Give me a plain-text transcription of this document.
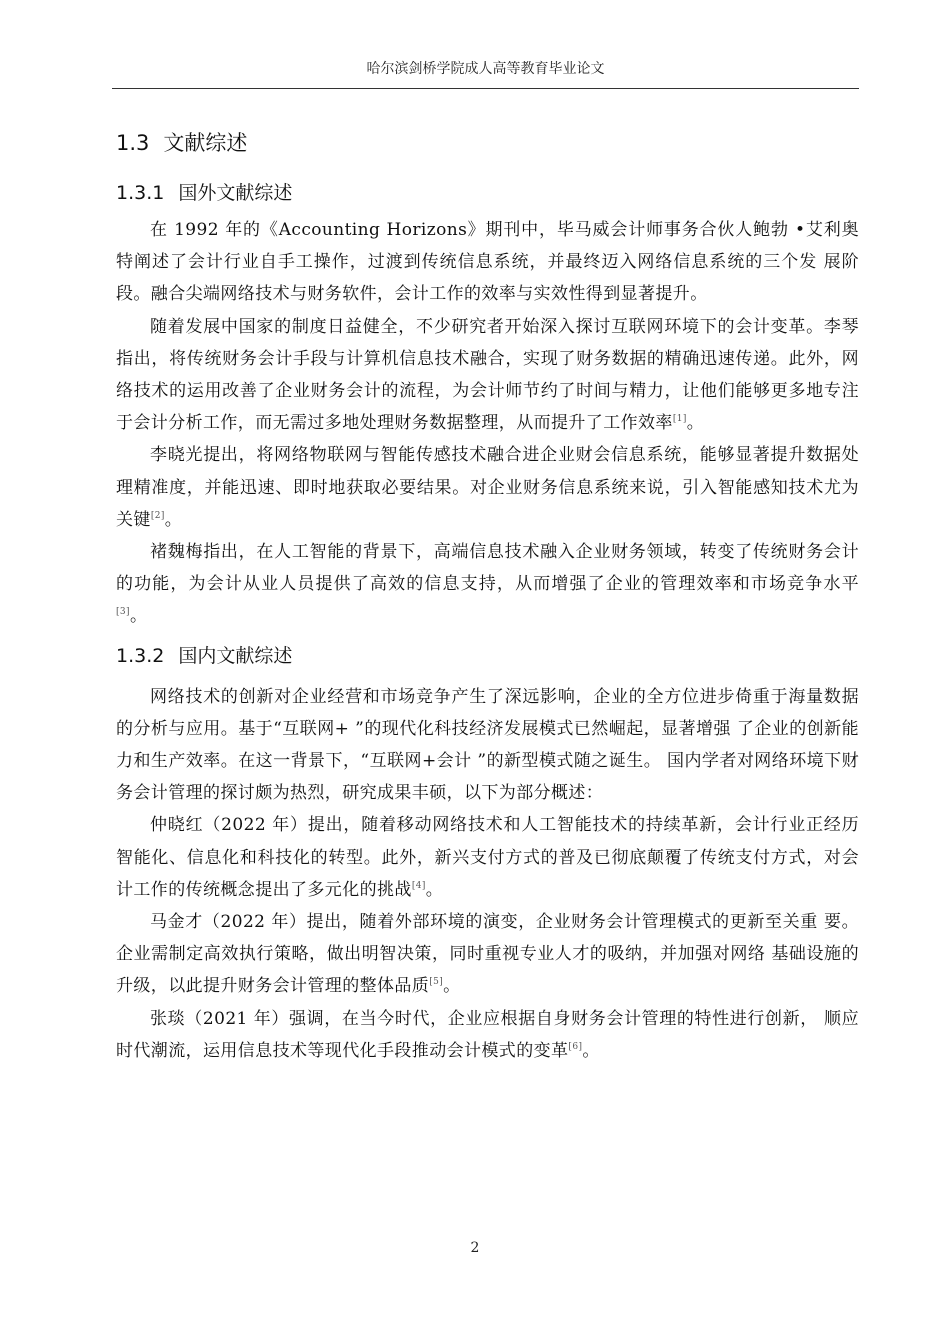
哈尔滨剑桥学院成人高等教育毕业论文
1.3 文献综述
1.3.1 国外文献综述

在 1992 年的《Accounting Horizons》期刊中，毕马威会计师事务合伙人鲍勃 •艾利奥 特阐述了会计行业自手工操作，过渡到传统信息系统，并最终迈入网络信息系统的三个发 展阶段。融合尖端网络技术与财务软件，会计工作的效率与实效性得到显著提升。

随着发展中国家的制度日益健全，不少研究者开始深入探讨互联网环境下的会计变革。李琴指出，将传统财务会计手段与计算机信息技术融合，实现了财务数据的精确迅速传递。此外，网络技术的运用改善了企业财务会计的流程，为会计师节约了时间与精力，让他们能够更多地专注于会计分析工作，而无需过多地处理财务数据整理，从而提升了工作效率[1]。

李晓光提出，将网络物联网与智能传感技术融合进企业财会信息系统，能够显著提升数据处理精准度，并能迅速、即时地获取必要结果。对企业财务信息系统来说，引入智能感知技术尤为关键[2]。

褚魏梅指出，在人工智能的背景下，高端信息技术融入企业财务领域，转变了传统财务会计的功能，为会计从业人员提供了高效的信息支持，从而增强了企业的管理效率和市场竞争水平[3]。

1.3.2 国内文献综述

网络技术的创新对企业经营和市场竞争产生了深远影响，企业的全方位进步倚重于海量数据的分析与应用。基于“互联网+ ”的现代化科技经济发展模式已然崛起，显著增强 了企业的创新能力和生产效率。在这一背景下，“互联网+会计 ”的新型模式随之诞生。 国内学者对网络环境下财务会计管理的探讨颇为热烈，研究成果丰硕，以下为部分概述：

仲晓红（2022 年）提出，随着移动网络技术和人工智能技术的持续革新，会计行业正经历智能化、信息化和科技化的转型。此外，新兴支付方式的普及已彻底颠覆了传统支付方式，对会计工作的传统概念提出了多元化的挑战[4]。

马金才（2022 年）提出，随着外部环境的演变，企业财务会计管理模式的更新至关重 要。企业需制定高效执行策略，做出明智决策，同时重视专业人才的吸纳，并加强对网络 基础设施的升级，以此提升财务会计管理的整体品质[5]。

张琰（2021 年）强调，在当今时代，企业应根据自身财务会计管理的特性进行创新， 顺应时代潮流，运用信息技术等现代化手段推动会计模式的变革[6]。

2
